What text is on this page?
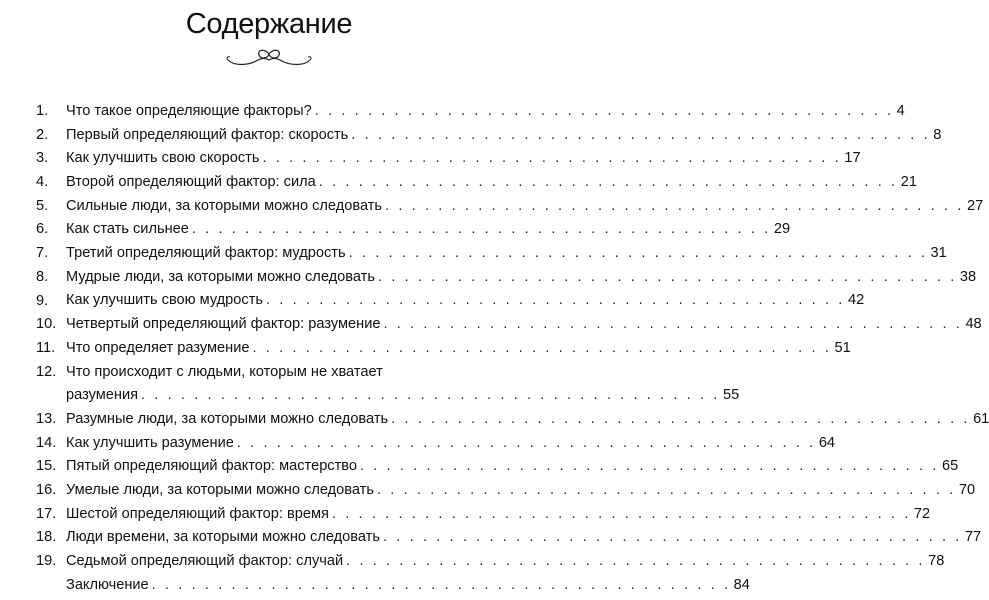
Содержание
1. Что такое определяющие факторы? . . . . . . . . . . . . . . . . . . . . . . . . . . . . . . . . . . . . . . . . . . . . 4
2. Первый определяющий фактор: скорость . . . . . . . . . . . . . . . . . . . . . . . . . . . . . . . . . . . . . . . . . . . . 8
3. Как улучшить свою скорость . . . . . . . . . . . . . . . . . . . . . . . . . . . . . . . . . . . . . . . . . . . . 17
4. Второй определяющий фактор: сила . . . . . . . . . . . . . . . . . . . . . . . . . . . . . . . . . . . . . . . . . . . . 21
5. Сильные люди, за которыми можно следовать . . . . . . . . . . . . . . . . . . . . . . . . . . . . . . . . . . . . . . . . . . . . 27
6. Как стать сильнее . . . . . . . . . . . . . . . . . . . . . . . . . . . . . . . . . . . . . . . . . . . . 29
7. Третий определяющий фактор: мудрость . . . . . . . . . . . . . . . . . . . . . . . . . . . . . . . . . . . . . . . . . . . . 31
8. Мудрые люди, за которыми можно следовать . . . . . . . . . . . . . . . . . . . . . . . . . . . . . . . . . . . . . . . . . . . . 38
9. Как улучшить свою мудрость . . . . . . . . . . . . . . . . . . . . . . . . . . . . . . . . . . . . . . . . . . . . 42
10. Четвертый определяющий фактор: разумение . . . . . . . . . . . . . . . . . . . . . . . . . . . . . . . . . . . . . . . . . . . . 48
11. Что определяет разумение . . . . . . . . . . . . . . . . . . . . . . . . . . . . . . . . . . . . . . . . . . . . 51
12. Что происходит с людьми, которым не хватает
разумения . . . . . . . . . . . . . . . . . . . . . . . . . . . . . . . . . . . . . . . . . . . . 55
13. Разумные люди, за которыми можно следовать . . . . . . . . . . . . . . . . . . . . . . . . . . . . . . . . . . . . . . . . . . . . 61
14. Как улучшить разумение . . . . . . . . . . . . . . . . . . . . . . . . . . . . . . . . . . . . . . . . . . . . 64
15. Пятый определяющий фактор: мастерство . . . . . . . . . . . . . . . . . . . . . . . . . . . . . . . . . . . . . . . . . . . . 65
16. Умелые люди, за которыми можно следовать . . . . . . . . . . . . . . . . . . . . . . . . . . . . . . . . . . . . . . . . . . . . 70
17. Шестой определяющий фактор: время . . . . . . . . . . . . . . . . . . . . . . . . . . . . . . . . . . . . . . . . . . . . 72
18. Люди времени, за которыми можно следовать . . . . . . . . . . . . . . . . . . . . . . . . . . . . . . . . . . . . . . . . . . . . 77
19. Седьмой определяющий фактор: случай . . . . . . . . . . . . . . . . . . . . . . . . . . . . . . . . . . . . . . . . . . . . 78
Заключение . . . . . . . . . . . . . . . . . . . . . . . . . . . . . . . . . . . . . . . . . . . . 84
